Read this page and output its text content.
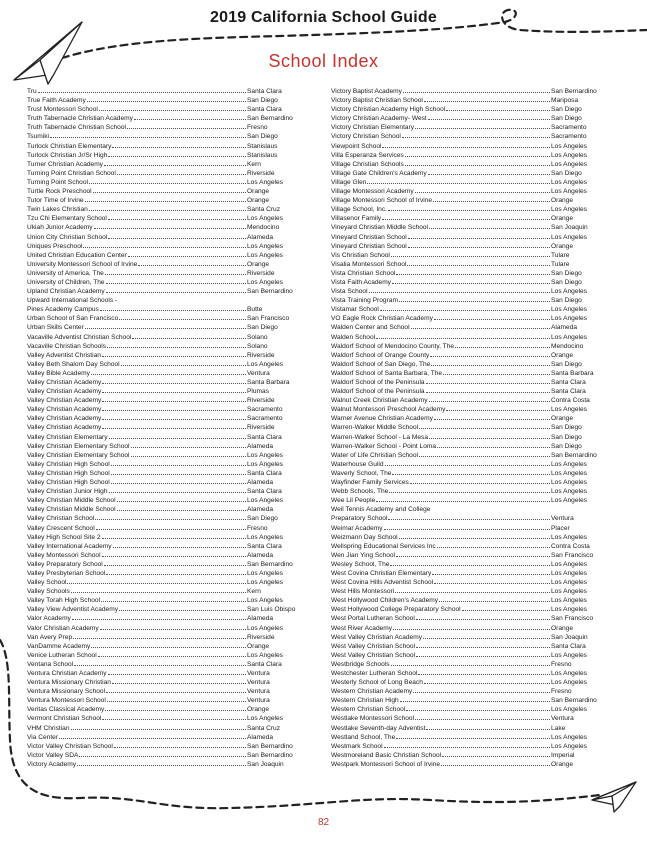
2019 California School Guide
School Index
Tru	Santa Clara
True Faith Academy	San Diego
Trust Montessori School	Santa Clara
Truth Tabernacle Christian Academy	San Bernardino
Truth Tabernacle Christian School	Fresno
Tsumiki	San Diego
Turlock Christian Elementary	Stanislaus
Turlock Christian Jr/Sr High	Stanislaus
Turner Christian Academy	Kern
Turning Point Christian School	Riverside
Turning Point School	Los Angeles
Turtle Rock Preschool	Orange
Tutor Time of Irvine	Orange
Twin Lakes Christian	Santa Cruz
Tzu Chi Elementary School	Los Angeles
Ukiah Junior Academy	Mendocino
Union City Christian School	Alameda
Uniques Preschool	Los Angeles
United Christian Education Center	Los Angeles
University Montessori School of Irvine	Orange
University of America, The	Riverside
University of Children, The	Los Angeles
Upland Christian Academy	San Bernardino
Upward International Schools -
Pines Academy Campus	Butte
Urban School of San Francisco	San Francisco
Urban Skills Center	San Diego
Vacaville Adventist Christian School	Solano
Vacaville Christian Schools	Solano
Valley Adventist Christian	Riverside
Valley Beth Shalom Day School	Los Angeles
Valley Bible Academy	Ventura
Valley Christian Academy	Santa Barbara
Valley Christian Academy	Plumas
Valley Christian Academy	Riverside
Valley Christian Academy	Sacramento
Valley Christian Academy	Sacramento
Valley Christian Academy	Riverside
Valley Christian Elementary	Santa Clara
Valley Christian Elementary School	Alameda
Valley Christian Elementary School	Los Angeles
Valley Christian High School	Los Angeles
Valley Christian High School	Santa Clara
Valley Christian High School	Alameda
Valley Christian Junior High	Santa Clara
Valley Christian Middle School	Los Angeles
Valley Christian Middle School	Alameda
Valley Christian School	San Diego
Valley Crescent School	Fresno
Valley High School Site 2	Los Angeles
Valley International Academy	Santa Clara
Valley Montessori School	Alameda
Valley Preparatory School	San Bernardino
Valley Presbyterian School	Los Angeles
Valley School	Los Angeles
Valley Schools	Kern
Valley Torah High School	Los Angeles
Valley View Adventist Academy	San Luis Obispo
Valor Academy	Alameda
Valor Christian Academy	Los Angeles
Van Avery Prep	Riverside
VanDamme Academy	Orange
Venice Lutheran School	Los Angeles
Ventana School	Santa Clara
Ventura Christian Academy	Ventura
Ventura Missionary Christian	Ventura
Ventura Missionary School	Ventura
Ventura Montessori School	Ventura
Veritas Classical Academy	Orange
Vermont Christian School	Los Angeles
VHM Christian	Santa Cruz
Via Center	Alameda
Victor Valley Christian School	San Bernardino
Victor Valley SDA	San Bernardino
Victory Academy	San Joaquin
Victory Baptist Academy	San Bernardino
Victory Baptist Christian School	Mariposa
Victory Christian Academy High School	San Diego
Victory Christian Academy- West	San Diego
Victory Christian Elementary	Sacramento
Victory Christian School	Sacramento
Viewpoint School	Los Angeles
Villa Esperanza Services	Los Angeles
Village Christian Schools	Los Angeles
Village Gate Children's Academy	San Diego
Village Glen	Los Angeles
Village Montessori Academy	Los Angeles
Village Montessori School of Irvine	Orange
Village School, Inc.	Los Angeles
Villasenor Family	Orange
Vineyard Christian Middle School	San Joaquin
Vineyard Christian School	Los Angeles
Vineyard Christian School	Orange
Vis Christian School	Tulare
Visalia Montessori School	Tulare
Vista Christian School	San Diego
Vista Faith Academy	San Diego
Vista School	Los Angeles
Vista Training Program	San Diego
Vistamar School	Los Angeles
VO Eagle Rock Christian Academy	Los Angeles
Walden Center and School	Alameda
Walden School	Los Angeles
Waldorf School of Mendocino County, The	Mendocino
Waldorf School of Orange County	Orange
Waldorf School of San Diego, The	San Diego
Waldorf School of Santa Barbara, The	Santa Barbara
Waldorf School of the Peninsula	Santa Clara
Waldorf School of the Peninsula	Santa Clara
Walnut Creek Christian Academy	Contra Costa
Walnut Montessori Preschool Academy	Los Angeles
Warner Avenue Christian Academy	Orange
Warren-Walker Middle School	San Diego
Warren-Walker School - La Mesa	San Diego
Warren-Walker School - Point Loma	San Diego
Water of Life Christian School	San Bernardino
Waterhouse Guild	Los Angeles
Waverly School, The	Los Angeles
Wayfinder Family Services	Los Angeles
Webb Schools, The	Los Angeles
Wee Lil People	Los Angeles
Weil Tennis Academy and College
Preparatory School	Ventura
Weimar Academy	Placer
Weizmann Day School	Los Angeles
Wellspring Educational Services Inc	Contra Costa
Wen Jian Ying School	San Francisco
Wesley School, The	Los Angeles
West Covina Christian Elementary	Los Angeles
West Covina Hills Adventist School	Los Angeles
West Hills Montessori	Los Angeles
West Hollywood Children's Academy	Los Angeles
West Hollywood College Preparatory School	Los Angeles
West Portal Lutheran School	San Francisco
West River Academy	Orange
West Valley Christian Academy	San Joaquin
West Valley Christian School	Santa Clara
West Valley Christian School	Los Angeles
Westbridge Schools	Fresno
Westchester Lutheran School	Los Angeles
Westerly School of Long Beach	Los Angeles
Western Christian Academy	Fresno
Western Christian High	San Bernardino
Western Christian School	Los Angeles
Westlake Montessori School	Ventura
Westlake Seventh-day Adventist	Lake
Westland School, The	Los Angeles
Westmark School	Los Angeles
Westmoreland Basic Christian School	Imperial
Westpark Montessori School of Irvine	Orange
82
